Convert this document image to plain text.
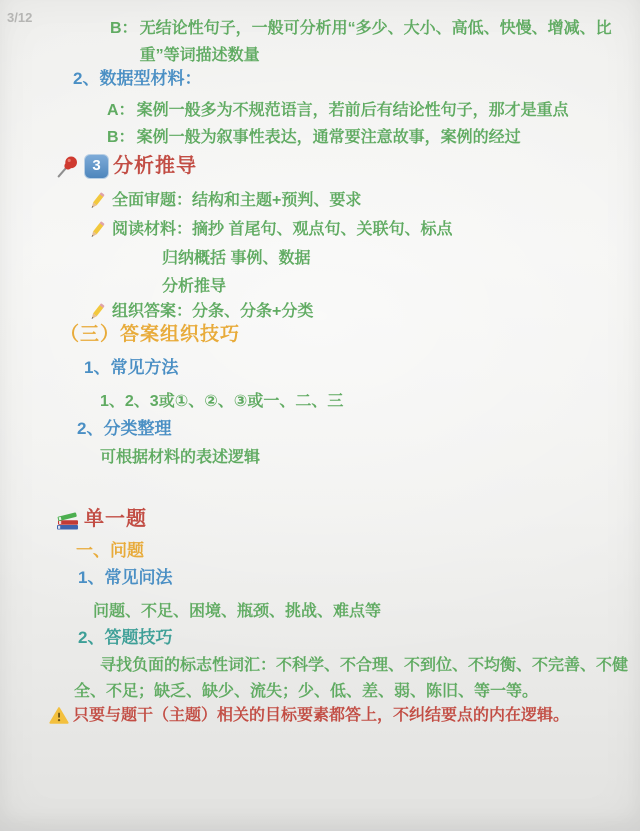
3/12
B： 无结论性句子，一般可分析用“多少、大小、高低、快慢、增减、比重”等词描述数量
2、数据型材料：
A： 案例一般多为不规范语言，若前后有结论性句子，那才是重点
B： 案例一般为叙事性表达，通常要注意故事，案例的经过
3 分析推导
全面审题：结构和主题+预判、要求
阅读材料：摘抄 首尾句、观点句、关联句、标点
归纳概括 事例、数据
分析推导
组织答案：分条、分条+分类
（三）答案组织技巧
1、常见方法
1、2、3或①、②、③或一、二、三
2、分类整理
可根据材料的表述逻辑
单一题
一、问题
1、常见问法
问题、不足、困境、瓶颈、挑战、难点等
2、答题技巧
寻找负面的标志性词汇：不科学、不合理、不到位、不均衡、不完善、不健全、不足；缺乏、缺少、流失；少、低、差、弱、陈旧、等一等。
只要与题干（主题）相关的目标要素都答上，不纠结要点的内在逻辑。
